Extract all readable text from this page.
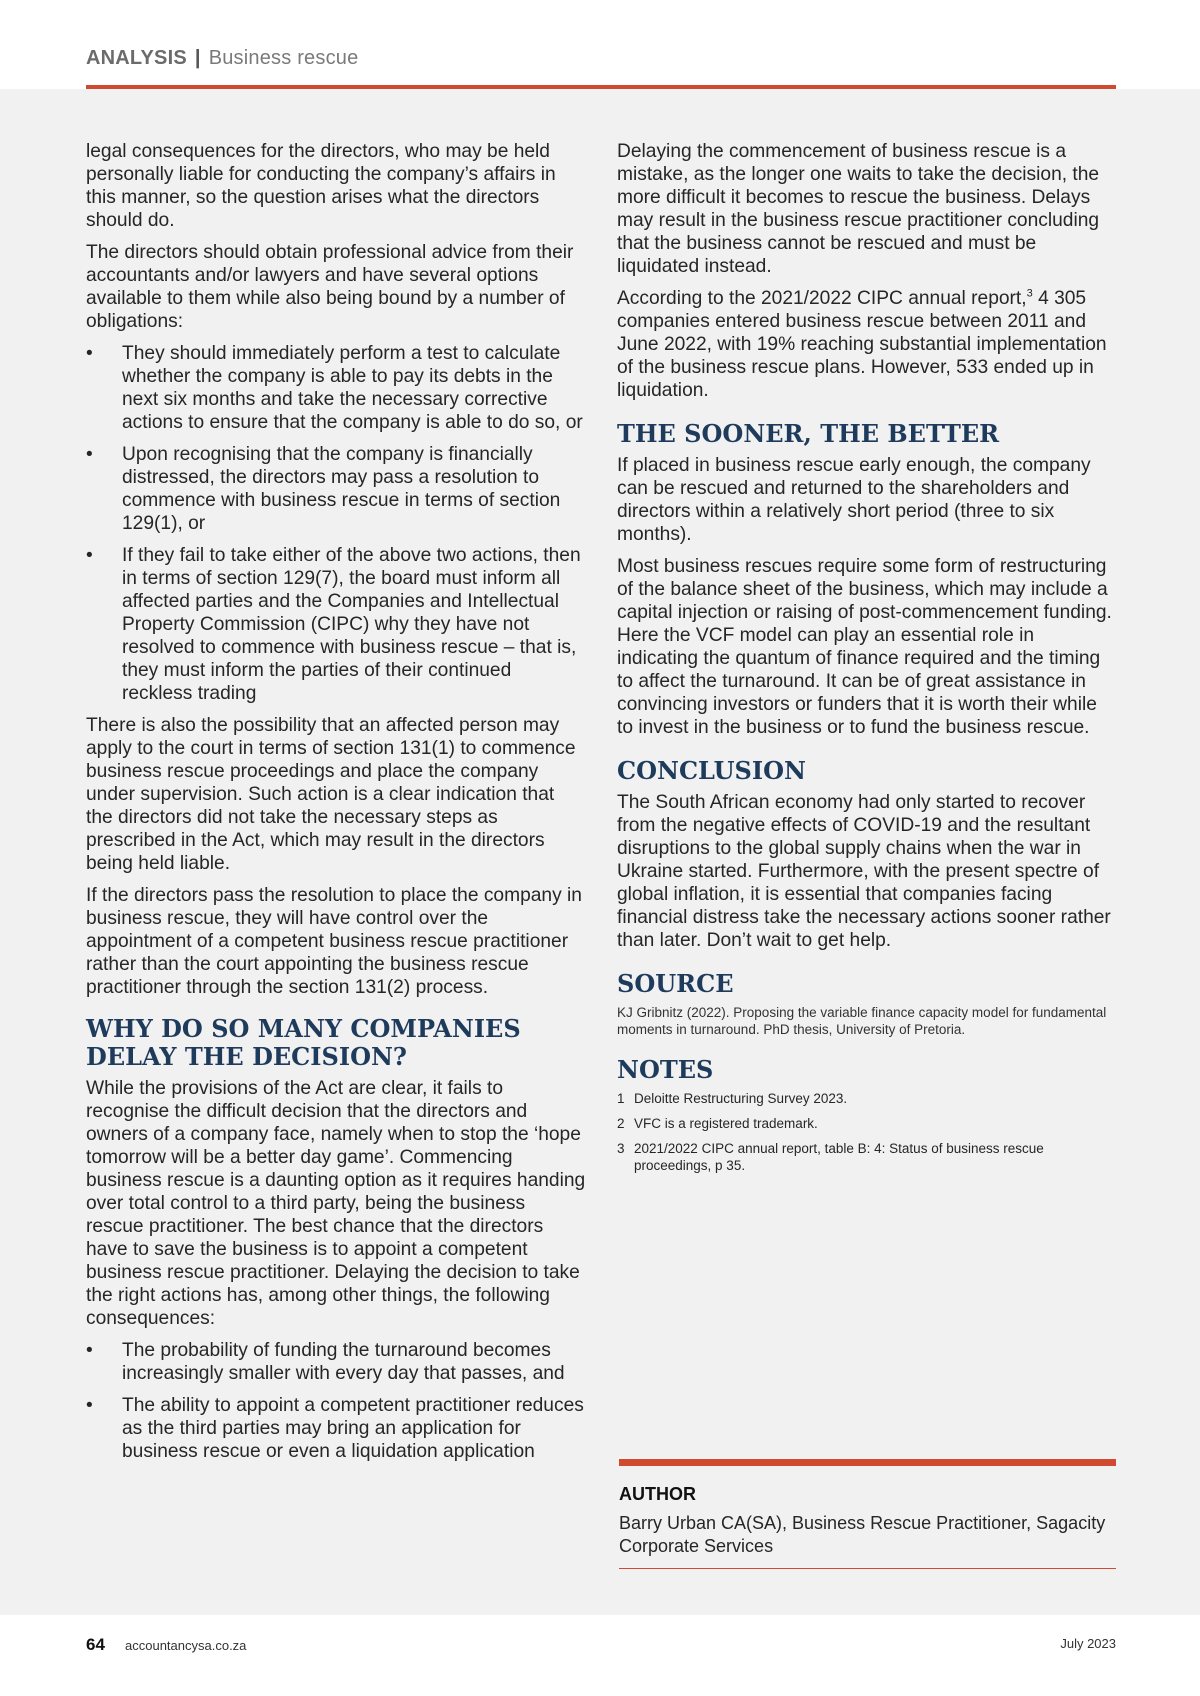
ANALYSIS | Business rescue

legal consequences for the directors, who may be held personally liable for conducting the company’s affairs in this manner, so the question arises what the directors should do.

The directors should obtain professional advice from their accountants and/or lawyers and have several options available to them while also being bound by a number of obligations:

• They should immediately perform a test to calculate whether the company is able to pay its debts in the next six months and take the necessary corrective actions to ensure that the company is able to do so, or
• Upon recognising that the company is financially distressed, the directors may pass a resolution to commence with business rescue in terms of section 129(1), or
• If they fail to take either of the above two actions, then in terms of section 129(7), the board must inform all affected parties and the Companies and Intellectual Property Commission (CIPC) why they have not resolved to commence with business rescue – that is, they must inform the parties of their continued reckless trading

There is also the possibility that an affected person may apply to the court in terms of section 131(1) to commence business rescue proceedings and place the company under supervision. Such action is a clear indication that the directors did not take the necessary steps as prescribed in the Act, which may result in the directors being held liable.

If the directors pass the resolution to place the company in business rescue, they will have control over the appointment of a competent business rescue practitioner rather than the court appointing the business rescue practitioner through the section 131(2) process.

WHY DO SO MANY COMPANIES DELAY THE DECISION?

While the provisions of the Act are clear, it fails to recognise the difficult decision that the directors and owners of a company face, namely when to stop the ‘hope tomorrow will be a better day game’. Commencing business rescue is a daunting option as it requires handing over total control to a third party, being the business rescue practitioner. The best chance that the directors have to save the business is to appoint a competent business rescue practitioner. Delaying the decision to take the right actions has, among other things, the following consequences:

• The probability of funding the turnaround becomes increasingly smaller with every day that passes, and
• The ability to appoint a competent practitioner reduces as the third parties may bring an application for business rescue or even a liquidation application

Delaying the commencement of business rescue is a mistake, as the longer one waits to take the decision, the more difficult it becomes to rescue the business. Delays may result in the business rescue practitioner concluding that the business cannot be rescued and must be liquidated instead.

According to the 2021/2022 CIPC annual report,$^3$ 4 305 companies entered business rescue between 2011 and June 2022, with 19% reaching substantial implementation of the business rescue plans. However, 533 ended up in liquidation.

THE SOONER, THE BETTER

If placed in business rescue early enough, the company can be rescued and returned to the shareholders and directors within a relatively short period (three to six months).

Most business rescues require some form of restructuring of the balance sheet of the business, which may include a capital injection or raising of post-commencement funding. Here the VCF model can play an essential role in indicating the quantum of finance required and the timing to affect the turnaround. It can be of great assistance in convincing investors or funders that it is worth their while to invest in the business or to fund the business rescue.

CONCLUSION

The South African economy had only started to recover from the negative effects of COVID-19 and the resultant disruptions to the global supply chains when the war in Ukraine started. Furthermore, with the present spectre of global inflation, it is essential that companies facing financial distress take the necessary actions sooner rather than later. Don’t wait to get help.

SOURCE

KJ Gribnitz (2022). Proposing the variable finance capacity model for fundamental moments in turnaround. PhD thesis, University of Pretoria.

NOTES
1 Deloitte Restructuring Survey 2023.
2 VFC is a registered trademark.
3 2021/2022 CIPC annual report, table B: 4: Status of business rescue proceedings, p 35.
AUTHOR
Barry Urban CA(SA), Business Rescue Practitioner, Sagacity Corporate Services
64 accountancysa.co.za	July 2023
